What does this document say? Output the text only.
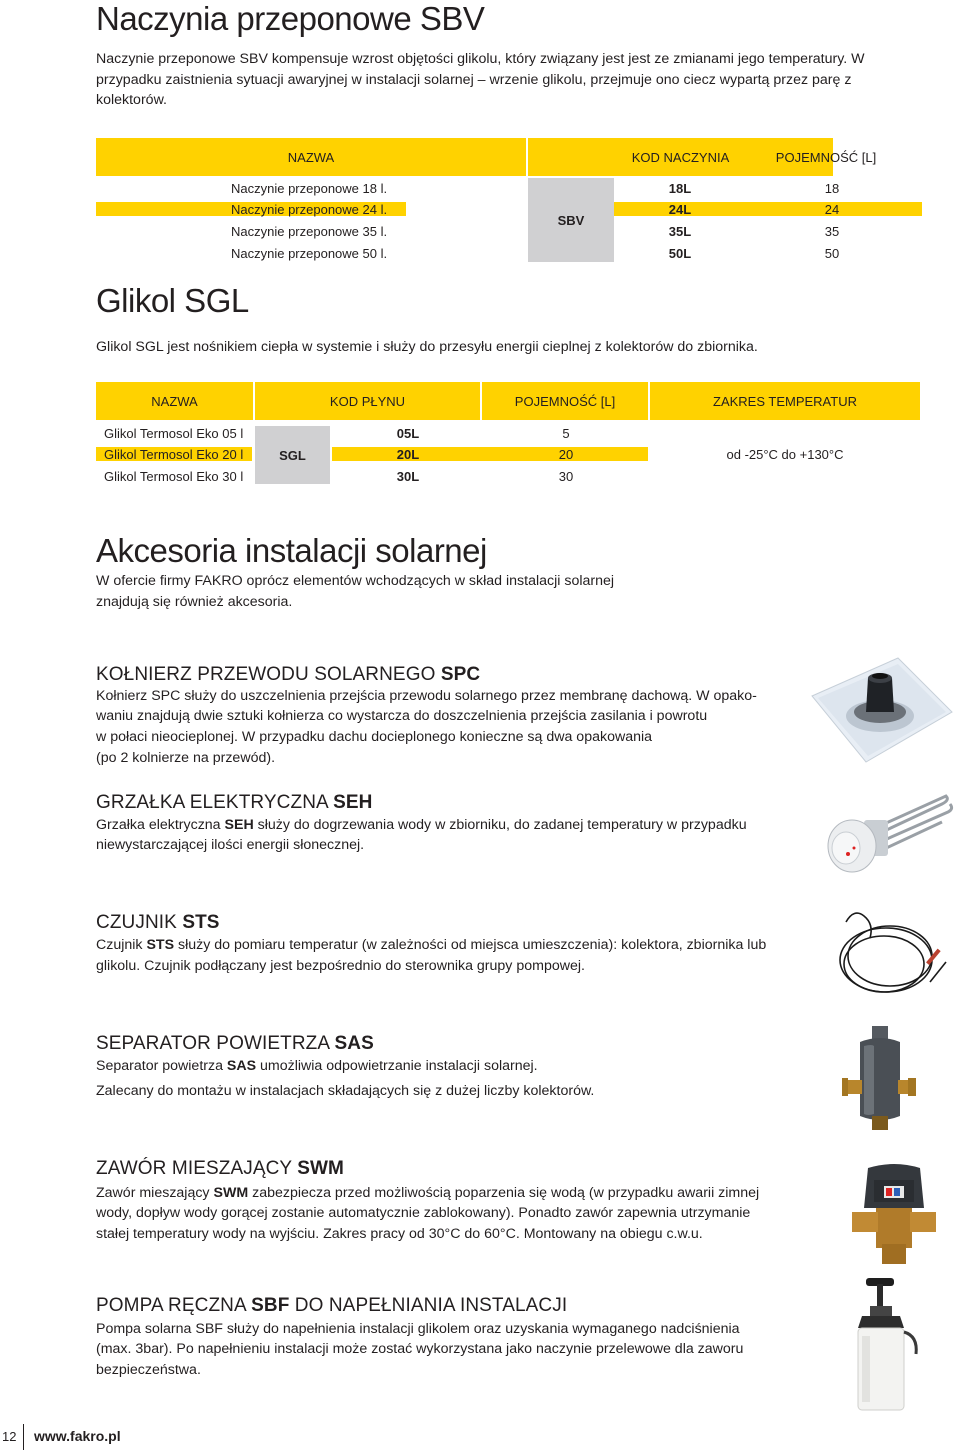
Naczynia przeponowe SBV
Naczynie przeponowe SBV kompensuje wzrost objętości glikolu, który związany jest jest ze zmianami jego temperatury. W przypadku zaistnienia sytuacji awaryjnej w instalacji solarnej – wrzenie glikolu, przejmuje ono ciecz wypartą przez parę z kolektorów.
NAZWA	KOD NACZYNIA	POJEMNOŚĆ [L]
SBV
Naczynie przeponowe 18 l.	18L	18
Naczynie przeponowe 24 l.	24L	24
Naczynie przeponowe 35 l.	35L	35
Naczynie przeponowe 50 l.	50L	50
Glikol SGL
Glikol SGL jest nośnikiem ciepła w systemie i służy do przesyłu energii cieplnej z kolektorów do zbiornika.
NAZWA	KOD PŁYNU	POJEMNOŚĆ [L]	ZAKRES TEMPERATUR
SGL
Glikol Termosol Eko 05 l	05L	5
Glikol Termosol Eko 20 l	20L	20	od -25°C do +130°C
Glikol Termosol Eko 30 l	30L	30
Akcesoria instalacji solarnej
W ofercie firmy FAKRO oprócz elementów wchodzących w skład instalacji solarnej
znajdują się również akcesoria.
KOŁNIERZ PRZEWODU SOLARNEGO SPC
Kołnierz SPC służy do uszczelnienia przejścia przewodu solarnego przez membranę dachową. W opako-
waniu znajdują dwie sztuki kołnierza co wystarcza do doszczelnienia przejścia zasilania i powrotu
w połaci nieocieplonej. W przypadku dachu docieplonego konieczne są dwa opakowania
(po 2 kolnierze na przewód).
GRZAŁKA ELEKTRYCZNA SEH
Grzałka elektryczna SEH służy do dogrzewania wody w zbiorniku, do zadanej temperatury w przypadku
niewystarczającej ilości energii słonecznej.
CZUJNIK STS
Czujnik STS służy do pomiaru temperatur (w zależności od miejsca umieszczenia): kolektora, zbiornika lub
glikolu. Czujnik podłączany jest bezpośrednio do sterownika grupy pompowej.
SEPARATOR POWIETRZA SAS
Separator powietrza SAS umożliwia odpowietrzanie instalacji solarnej.
Zalecany do montażu w instalacjach składających się z dużej liczby kolektorów.
ZAWÓR MIESZAJĄCY SWM
Zawór mieszający SWM zabezpiecza przed możliwością poparzenia się wodą (w przypadku awarii zimnej
wody, dopływ wody gorącej zostanie automatycznie zablokowany). Ponadto zawór zapewnia utrzymanie
stałej temperatury wody na wyjściu. Zakres pracy od 30°C do 60°C. Montowany na obiegu c.w.u.
POMPA RĘCZNA SBF DO NAPEŁNIANIA INSTALACJI
Pompa solarna SBF służy do napełnienia instalacji glikolem oraz uzyskania wymaganego nadciśnienia
(max. 3bar). Po napełnieniu instalacji może zostać wykorzystana jako naczynie przelewowe dla zaworu
bezpieczeństwa.
12	www.fakro.pl
